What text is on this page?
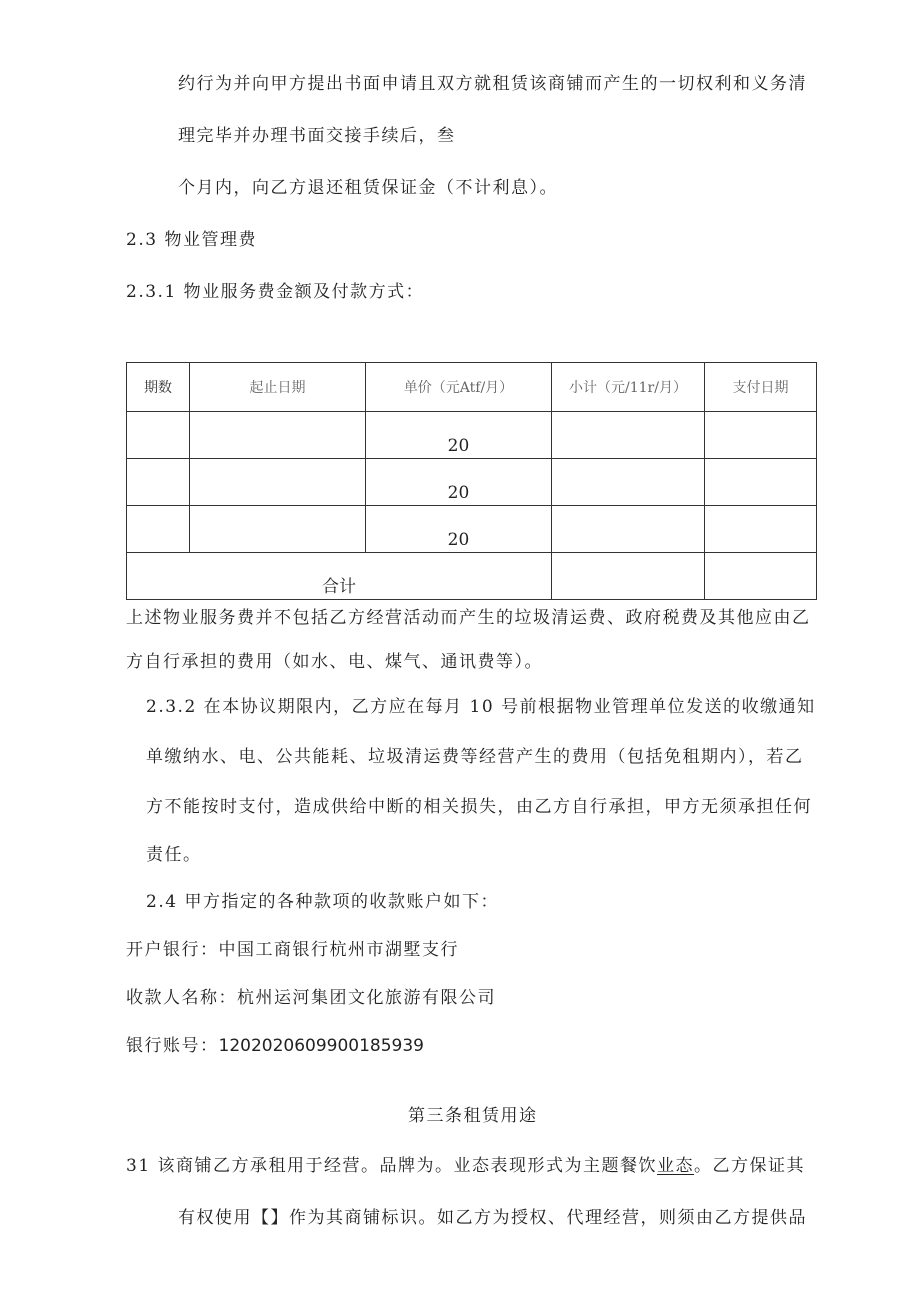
约行为并向甲方提出书面申请且双方就租赁该商铺而产生的一切权利和义务清
理完毕并办理书面交接手续后，叁
个月内，向乙方退还租赁保证金（不计利息）。
2.3 物业管理费
2.3.1 物业服务费金额及付款方式：
期数	起止日期	单价（元Atf/月）	小计（元/11r/月）	支付日期
		20		
		20		
		20		
合计				
上述物业服务费并不包括乙方经营活动而产生的垃圾清运费、政府税费及其他应由乙
方自行承担的费用（如水、电、煤气、通讯费等）。
2.3.2 在本协议期限内，乙方应在每月 10 号前根据物业管理单位发送的收缴通知
单缴纳水、电、公共能耗、垃圾清运费等经营产生的费用（包括免租期内），若乙
方不能按时支付，造成供给中断的相关损失，由乙方自行承担，甲方无须承担任何
责任。
2.4 甲方指定的各种款项的收款账户如下：
开户银行：中国工商银行杭州市湖墅支行
收款人名称：杭州运河集团文化旅游有限公司
银行账号：1202020609900185939
第三条租赁用途
31 该商铺乙方承租用于经营。品牌为。业态表现形式为主题餐饮业态。乙方保证其
有权使用【】作为其商铺标识。如乙方为授权、代理经营，则须由乙方提供品
